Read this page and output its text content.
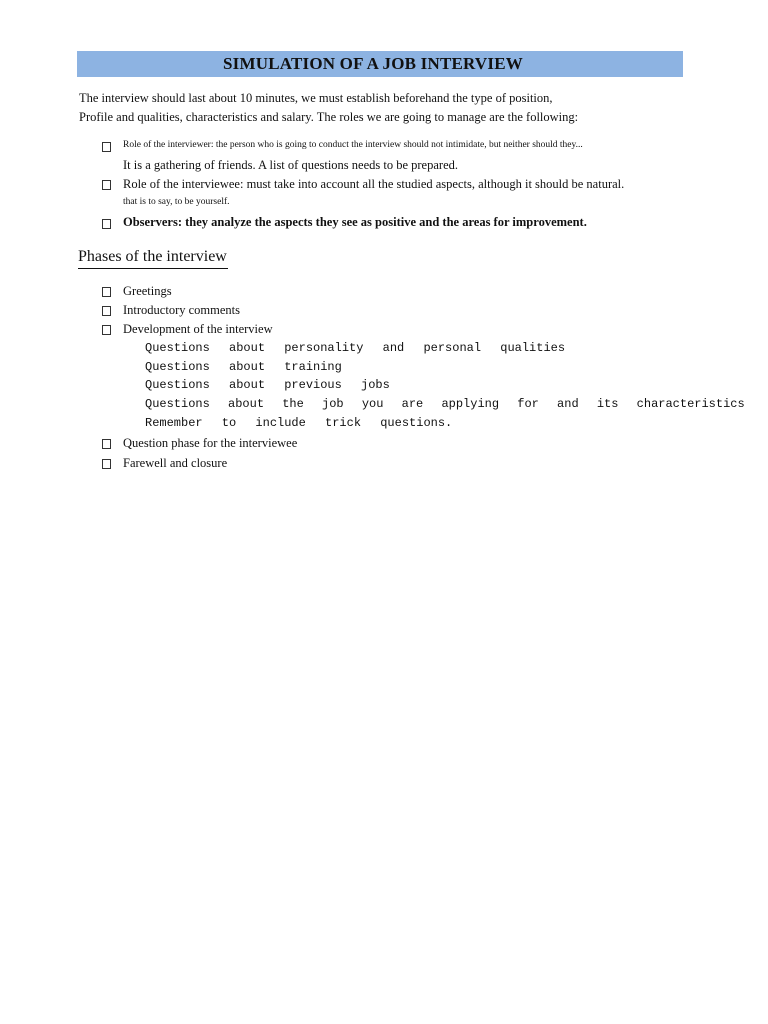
SIMULATION OF A JOB INTERVIEW
The interview should last about 10 minutes, we must establish beforehand the type of position,
Profile and qualities, characteristics and salary. The roles we are going to manage are the following:
Role of the interviewer: the person who is going to conduct the interview should not intimidate, but neither should they...
It is a gathering of friends. A list of questions needs to be prepared.
Role of the interviewee: must take into account all the studied aspects, although it should be natural.
that is to say, to be yourself.
Observers: they analyze the aspects they see as positive and the areas for improvement.
Phases of the interview
Greetings
Introductory comments
Development of the interview
Questions about personality and personal qualities
Questions about training
Questions about previous jobs
Questions about the job you are applying for and its characteristics
Remember to include trick questions.
Question phase for the interviewee
Farewell and closure
